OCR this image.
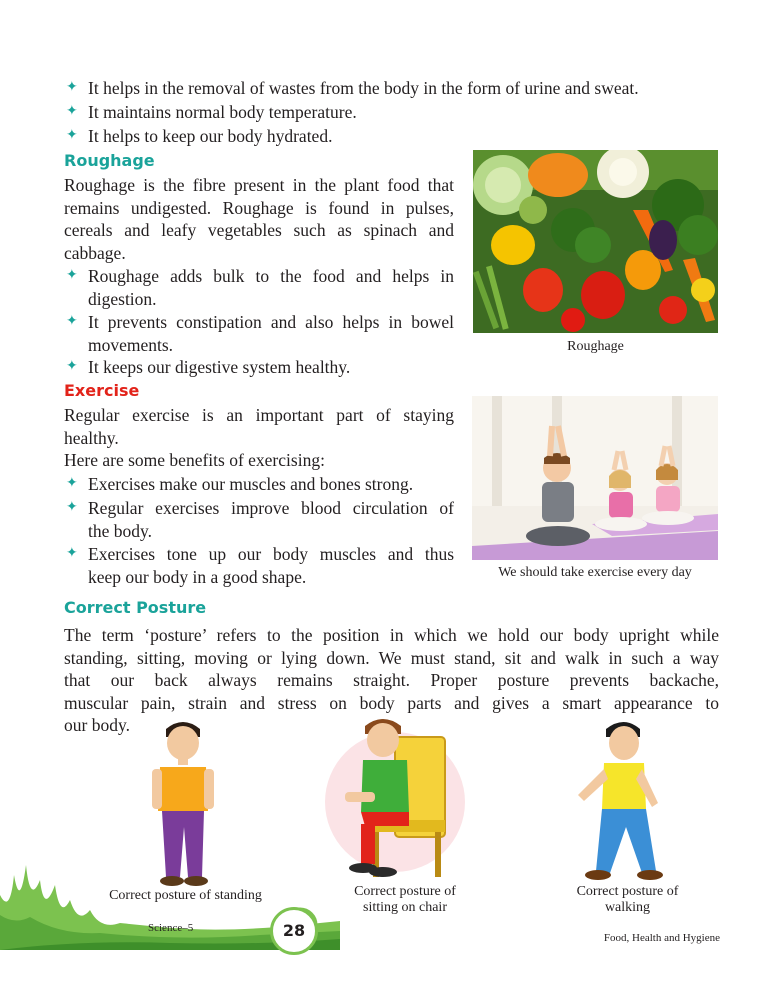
✦ It helps in the removal of wastes from the body in the form of urine and sweat.
✦ It maintains normal body temperature.
✦ It helps to keep our body hydrated.
Roughage
Roughage is the fibre present in the plant food that
remains undigested. Roughage is found in pulses,
cereals and leafy vegetables such as spinach and
cabbage.
✦ Roughage adds bulk to the food and helps in
digestion.
✦ It prevents constipation and also helps in bowel
movements.
✦ It keeps our digestive system healthy.
Roughage
Exercise
Regular exercise is an important part of staying
healthy.
Here are some benefits of exercising:
✦ Exercises make our muscles and bones strong.
✦ Regular exercises improve blood circulation of
the body.
✦ Exercises tone up our body muscles and thus
keep our body in a good shape.	We should take exercise every day
Correct Posture
The term ‘posture’ refers to the position in which we hold our body upright while
standing, sitting, moving or lying down. We must stand, sit and walk in such a way
that our back always remains straight. Proper posture prevents backache,
muscular pain, strain and stress on body parts and gives a smart appearance to
our body.
Correct posture of standing	Correct posture of
sitting on chair
Correct posture of
walking
Science–5	28	Food, Health and Hygiene
